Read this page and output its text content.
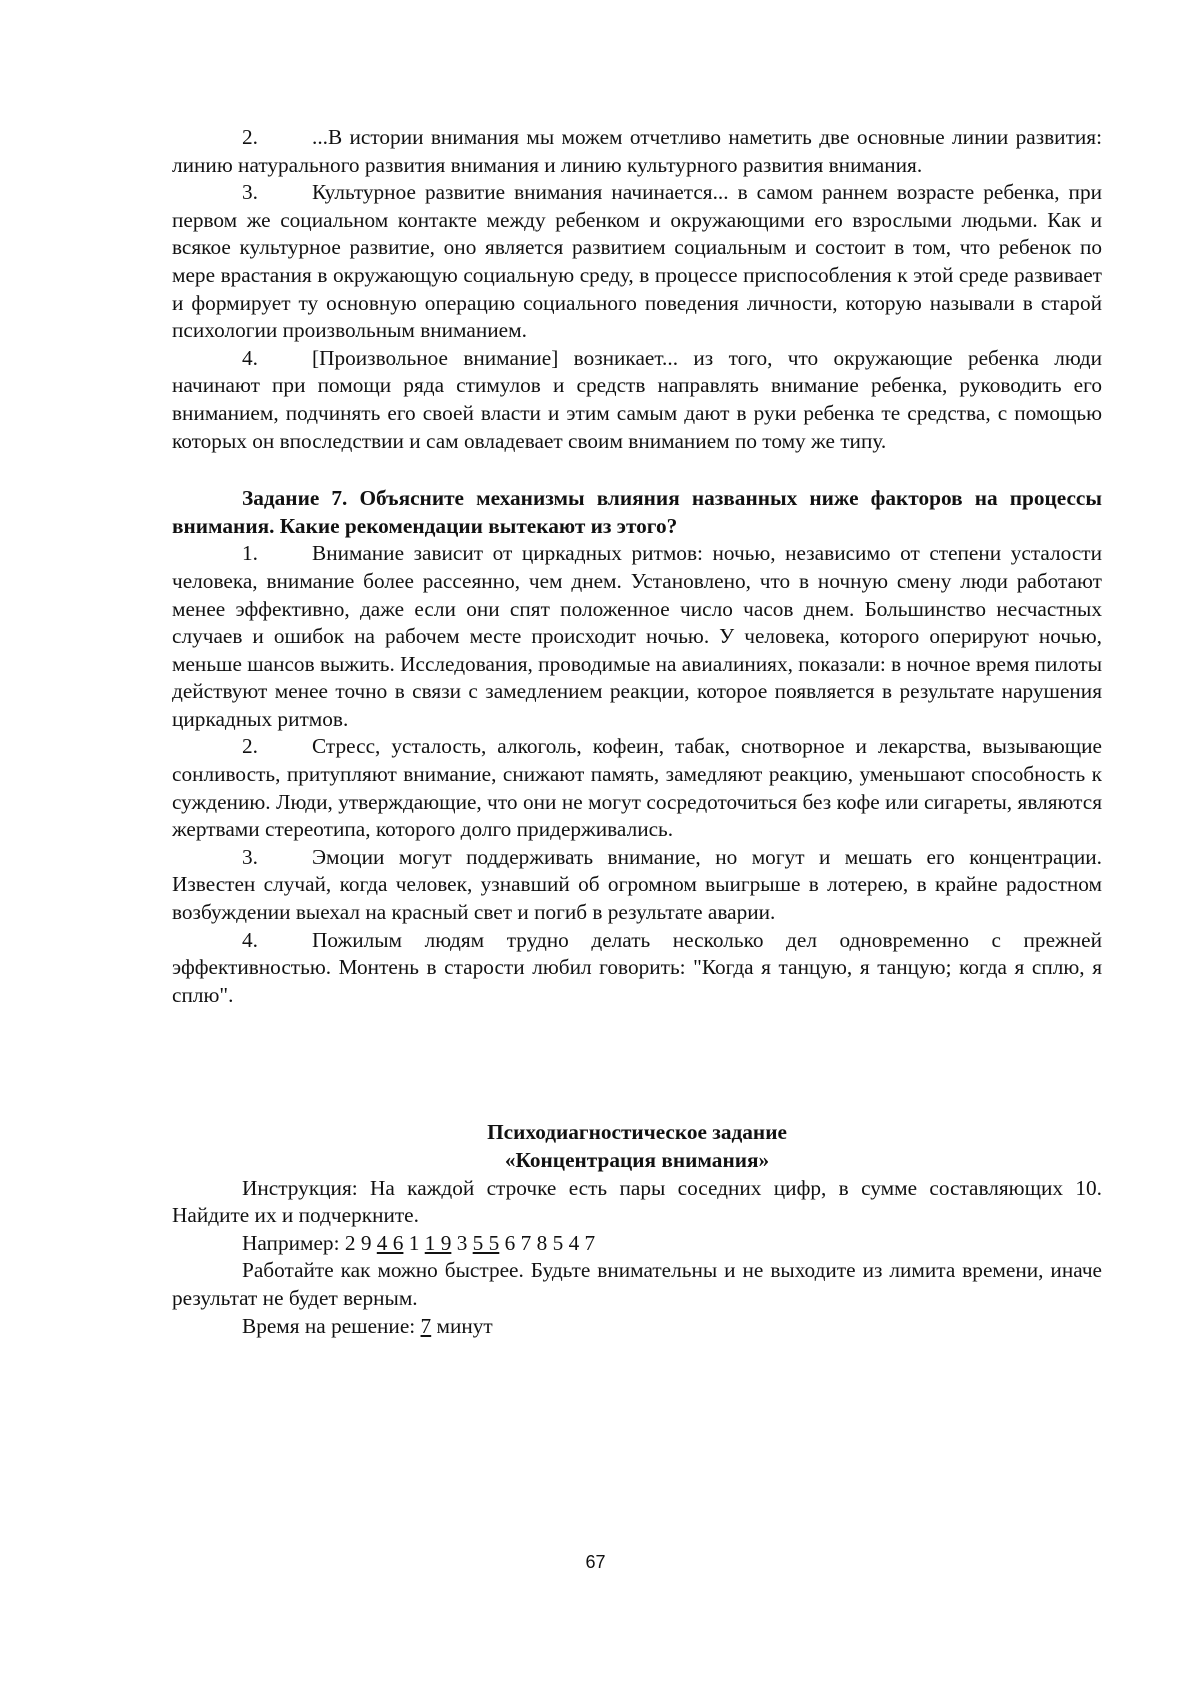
2.	...В истории внимания мы можем отчетливо наметить две основные линии развития: линию натурального развития внимания и линию культурного развития внимания.

3.	Культурное развитие внимания начинается... в самом раннем возрасте ребенка, при первом же социальном контакте между ребенком и окружающими его взрослыми людьми. Как и всякое культурное развитие, оно является развитием социальным и состоит в том, что ребенок по мере врастания в окружающую социальную среду, в процессе приспособления к этой среде развивает и формирует ту основную операцию социального поведения личности, которую называли в старой психологии произвольным вниманием.

4.	[Произвольное внимание] возникает... из того, что окружающие ребенка люди начинают при помощи ряда стимулов и средств направлять внимание ребенка, руководить его вниманием, подчинять его своей власти и этим самым дают в руки ребенка те средства, с помощью которых он впоследствии и сам овладевает своим вниманием по тому же типу.

Задание 7. Объясните механизмы влияния названных ниже факторов на процессы внимания. Какие рекомендации вытекают из этого?

1.	Внимание зависит от циркадных ритмов: ночью, независимо от степени усталости человека, внимание более рассеянно, чем днем. Установлено, что в ночную смену люди работают менее эффективно, даже если они спят положенное число часов днем. Большинство несчастных случаев и ошибок на рабочем месте происходит ночью. У человека, которого оперируют ночью, меньше шансов выжить. Исследования, проводимые на авиалиниях, показали: в ночное время пилоты действуют менее точно в связи с замедлением реакции, которое появляется в результате нарушения циркадных ритмов.

2.	Стресс, усталость, алкоголь, кофеин, табак, снотворное и лекарства, вызывающие сонливость, притупляют внимание, снижают память, замедляют реакцию, уменьшают способность к суждению. Люди, утверждающие, что они не могут сосредоточиться без кофе или сигареты, являются жертвами стереотипа, которого долго придерживались.

3.	Эмоции могут поддерживать внимание, но могут и мешать его концентрации. Известен случай, когда человек, узнавший об огромном выигрыше в лотерею, в крайне радостном возбуждении выехал на красный свет и погиб в результате аварии.

4.	Пожилым людям трудно делать несколько дел одновременно с прежней эффективностью. Монтень в старости любил говорить: "Когда я танцую, я танцую; когда я сплю, я сплю".

Психодиагностическое задание

«Концентрация внимания»

Инструкция: На каждой строчке есть пары соседних цифр, в сумме составляющих 10. Найдите их и подчеркните.

Например: 2 9 4 6 1 1 9 3 5 5 6 7 8 5 4 7

Работайте как можно быстрее. Будьте внимательны и не выходите из лимита времени, иначе результат не будет верным.

Время на решение: 7 минут

67
